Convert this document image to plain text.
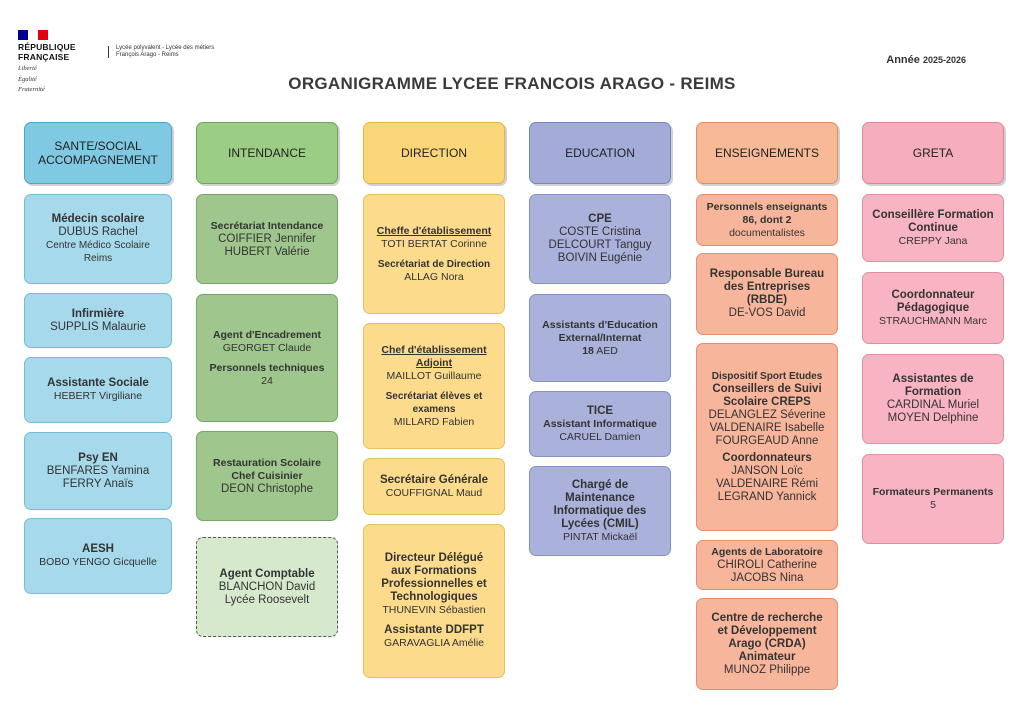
RÉPUBLIQUE
FRANÇAISE
Liberté
Égalité
Fraternité
Lycée polyvalent - Lycée des métiers
François Arago - Reims	Année 2025-2026
ORGANIGRAMME LYCEE FRANCOIS ARAGO - REIMS
SANTE/SOCIAL
ACCOMPAGNEMENT
Médecin scolaire
DUBUS Rachel
Centre Médico Scolaire
Reims
Infirmière
SUPPLIS Malaurie
Assistante Sociale
HEBERT Virgiliane
Psy EN
BENFARES Yamina
FERRY Anaïs
AESH
BOBO YENGO Gicquelle
INTENDANCE
Secrétariat Intendance
COIFFIER Jennifer
HUBERT Valérie
Agent d'Encadrement
GEORGET Claude
Personnels techniques
24
Restauration Scolaire
Chef Cuisinier
DEON Christophe
Agent Comptable
BLANCHON David
Lycée Roosevelt
DIRECTION
Cheffe d'établissement
TOTI BERTAT Corinne
Secrétariat de Direction
ALLAG Nora
Chef d'établissement
Adjoint
MAILLOT Guillaume
Secrétariat élèves et
examens
MILLARD Fabien
Secrétaire Générale
COUFFIGNAL Maud
Directeur Délégué
aux Formations
Professionnelles et
Technologiques
THUNEVIN Sébastien
Assistante DDFPT
GARAVAGLIA Amélie
EDUCATION
CPE
COSTE Cristina
DELCOURT Tanguy
BOIVIN Eugénie
Assistants d'Education
External/Internat
18 AED
TICE
Assistant Informatique
CARUEL Damien
Chargé de
Maintenance
Informatique des
Lycées (CMIL)
PINTAT Mickaël
ENSEIGNEMENTS
Personnels enseignants
86, dont 2
documentalistes
Responsable Bureau
des Entreprises
(RBDE)
DE-VOS David
Dispositif Sport Etudes
Conseillers de Suivi
Scolaire CREPS
DELANGLEZ Séverine
VALDENAIRE Isabelle
FOURGEAUD Anne
Coordonnateurs
JANSON Loïc
VALDENAIRE Rémi
LEGRAND Yannick
Agents de Laboratoire
CHIROLI Catherine
JACOBS Nina
Centre de recherche
et Développement
Arago (CRDA)
Animateur
MUNOZ Philippe
GRETA
Conseillère Formation
Continue
CREPPY Jana
Coordonnateur
Pédagogique
STRAUCHMANN Marc
Assistantes de
Formation
CARDINAL Muriel
MOYEN Delphine
Formateurs Permanents
5
